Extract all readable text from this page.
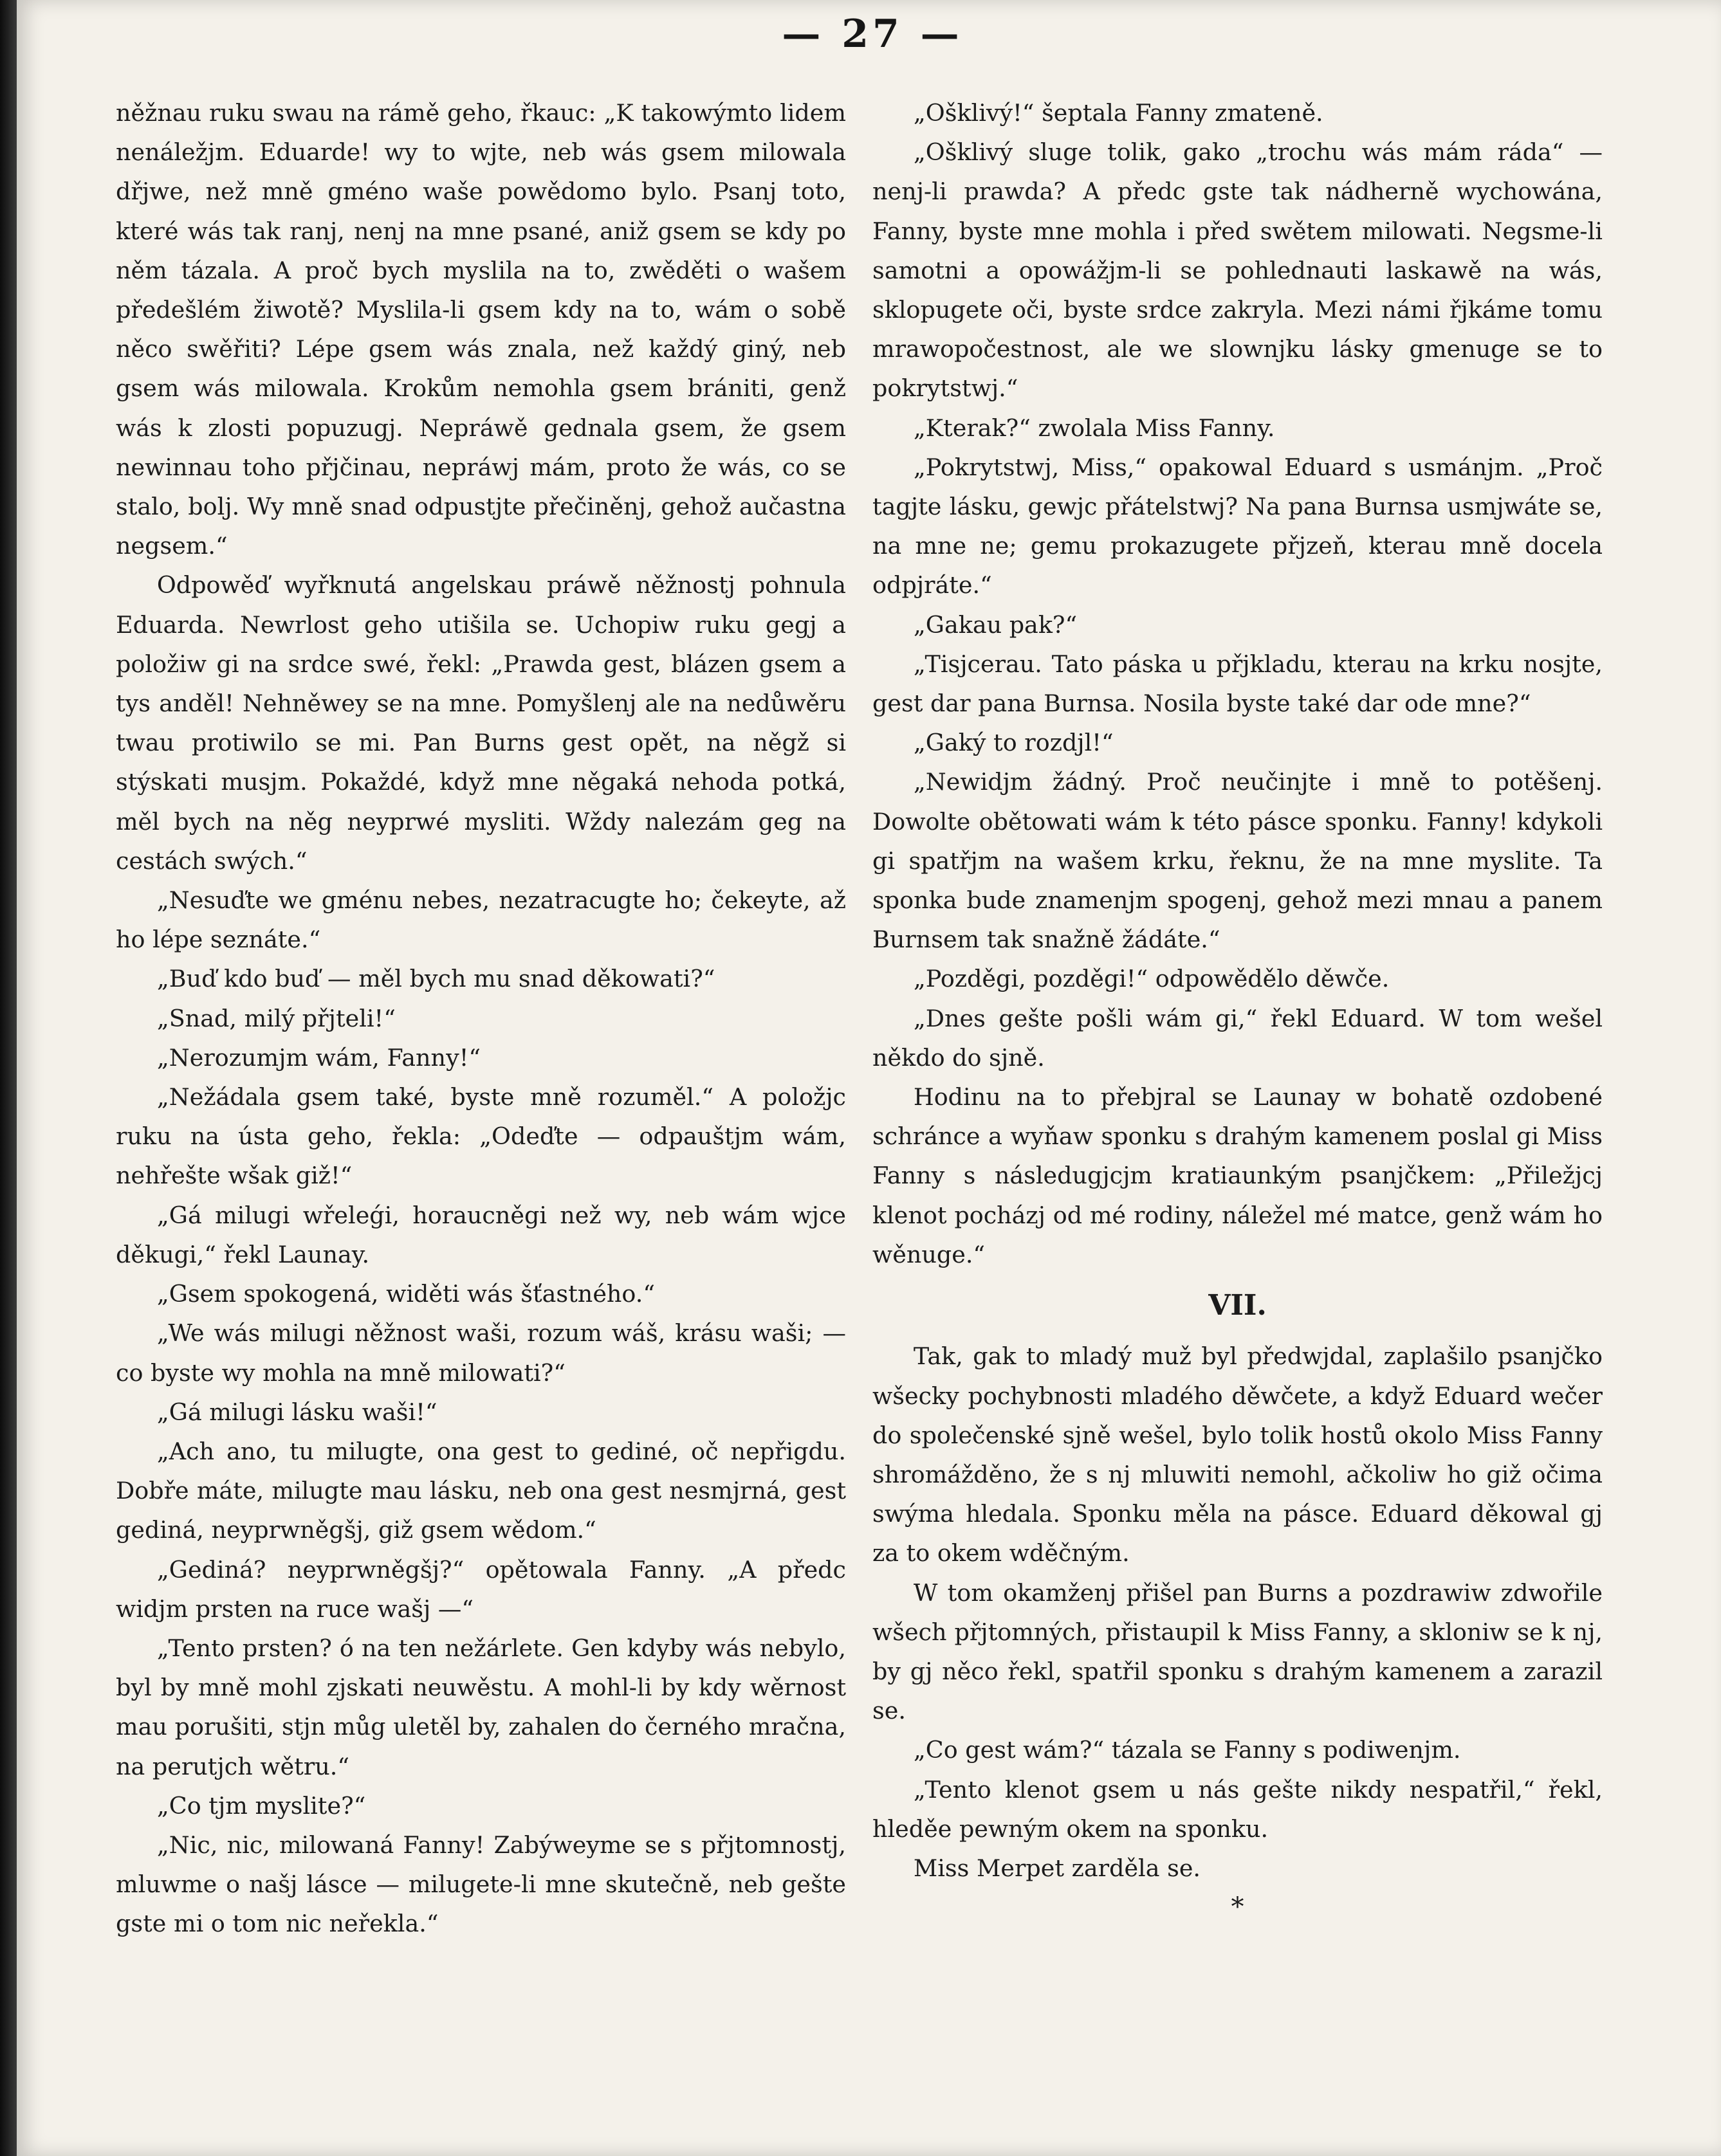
— 27 —

něžnau ruku swau na rámě geho, řkauc: „K takowýmto lidem nenáležjm. Eduarde! wy to wjte, neb wás gsem milowala dřjwe, než mně gméno waše powědomo bylo. Psanj toto, které wás tak ranj, nenj na mne psané, aniž gsem se kdy po něm tázala. A proč bych myslila na to, zwěděti o wašem předešlém žiwotě? Myslila-li gsem kdy na to, wám o sobě něco swěřiti? Lépe gsem wás znala, než každý giný, neb gsem wás milowala. Krokům nemohla gsem brániti, genž wás k zlosti popuzugj. Nepráwě gednala gsem, že gsem newinnau toho přjčinau, nepráwj mám, proto že wás, co se stalo, bolj. Wy mně snad odpustjte přečiněnj, gehož aučastna negsem.“

Odpowěď wyřknutá angelskau práwě něžnostj pohnula Eduarda. Newrlost geho utišila se. Uchopiw ruku gegj a položiw gi na srdce swé, řekl: „Prawda gest, blázen gsem a tys anděl! Nehněwey se na mne. Pomyšlenj ale na nedůwěru twau protiwilo se mi. Pan Burns gest opět, na něgž si stýskati musjm. Pokaždé, když mne něgaká nehoda potká, měl bych na něg neyprwé mysliti. Wždy nalezám geg na cestách swých.“

„Nesuďte we gménu nebes, nezatracugte ho; čekeyte, až ho lépe seznáte.“

„Buď kdo buď — měl bych mu snad děkowati?“

„Snad, milý přjteli!“

„Nerozumjm wám, Fanny!“

„Nežádala gsem také, byste mně rozuměl.“ A položjc ruku na ústa geho, řekla: „Odeďte — odpauštjm wám, nehřešte wšak giž!“

„Gá milugi wřeleǵi, horaucněgi než wy, neb wám wjce děkugi,“ řekl Launay.

„Gsem spokogená, widěti wás šťastného.“

„We wás milugi něžnost waši, rozum wáš, krásu waši; — co byste wy mohla na mně milowati?“

„Gá milugi lásku waši!“

„Ach ano, tu milugte, ona gest to gediné, oč nepřigdu. Dobře máte, milugte mau lásku, neb ona gest nesmjrná, gest gediná, neyprwněgšj, giž gsem wědom.“

„Gediná? neyprwněgšj?“ opětowala Fanny. „A předc widjm prsten na ruce wašj —“

„Tento prsten? ó na ten nežárlete. Gen kdyby wás nebylo, byl by mně mohl zjskati neuwěstu. A mohl-li by kdy wěrnost mau porušiti, stjn můg uletěl by, zahalen do černého mračna, na perutjch wětru.“

„Co tjm myslite?“

„Nic, nic, milowaná Fanny! Zabýweyme se s přjtomnostj, mluwme o našj lásce — milugete-li mne skutečně, neb gešte gste mi o tom nic neřekla.“

„Ošklivý!“ šeptala Fanny zmateně.

„Ošklivý sluge tolik, gako „trochu wás mám ráda“ — nenj-li prawda? A předc gste tak nádherně wychowána, Fanny, byste mne mohla i před swětem milowati. Negsme-li samotni a opowážjm-li se pohlednauti laskawě na wás, sklopugete oči, byste srdce zakryla. Mezi námi řjkáme tomu mrawopočestnost, ale we slownjku lásky gmenuge se to pokrytstwj.“

„Kterak?“ zwolala Miss Fanny.

„Pokrytstwj, Miss,“ opakowal Eduard s usmánjm. „Proč tagjte lásku, gewjc přátelstwj? Na pana Burnsa usmjwáte se, na mne ne; gemu prokazugete přjzeň, kterau mně docela odpjráte.“

„Gakau pak?“

„Tisjcerau. Tato páska u přjkladu, kterau na krku nosjte, gest dar pana Burnsa. Nosila byste také dar ode mne?“

„Gaký to rozdjl!“

„Newidjm žádný. Proč neučinjte i mně to potěšenj. Dowolte obětowati wám k této pásce sponku. Fanny! kdykoli gi spatřjm na wašem krku, řeknu, že na mne myslite. Ta sponka bude znamenjm spogenj, gehož mezi mnau a panem Burnsem tak snažně žádáte.“

„Pozděgi, pozděgi!“ odpowědělo děwče.

„Dnes gešte pošli wám gi,“ řekl Eduard. W tom wešel někdo do sjně.

Hodinu na to přebjral se Launay w bohatě ozdobené schránce a wyňaw sponku s drahým kamenem poslal gi Miss Fanny s následugjcjm kratiaunkým psanjčkem: „Přiležjcj klenot pocházj od mé rodiny, náležel mé matce, genž wám ho wěnuge.“

VII.

Tak, gak to mladý muž byl předwjdal, zaplašilo psanjčko wšecky pochybnosti mladého děwčete, a když Eduard wečer do společenské sjně wešel, bylo tolik hostů okolo Miss Fanny shromážděno, že s nj mluwiti nemohl, ačkoliw ho giž očima swýma hledala. Sponku měla na pásce. Eduard děkowal gj za to okem wděčným.

W tom okamženj přišel pan Burns a pozdrawiw zdwořile wšech přjtomných, přistaupil k Miss Fanny, a skloniw se k nj, by gj něco řekl, spatřil sponku s drahým kamenem a zarazil se.

„Co gest wám?“ tázala se Fanny s podiwenjm.

„Tento klenot gsem u nás gešte nikdy nespatřil,“ řekl, hleděe pewným okem na sponku.

Miss Merpet zarděla se.

*
